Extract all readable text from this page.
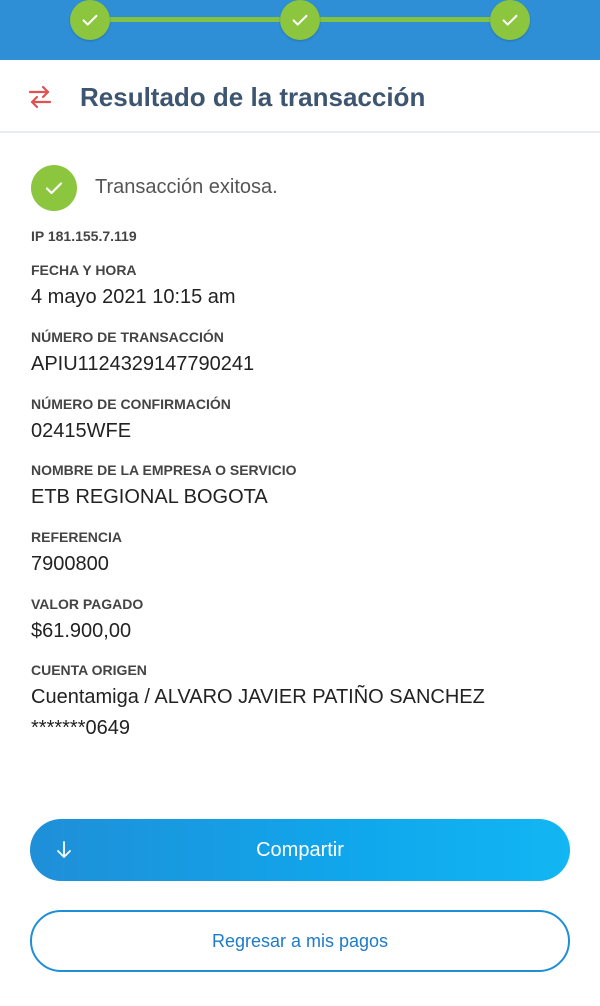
Resultado de la transacción
Transacción exitosa.
IP 181.155.7.119
FECHA Y HORA
4 mayo 2021 10:15 am
NÚMERO DE TRANSACCIÓN
APIU1124329147790241
NÚMERO DE CONFIRMACIÓN
02415WFE
NOMBRE DE LA EMPRESA O SERVICIO
ETB REGIONAL BOGOTA
REFERENCIA
7900800
VALOR PAGADO
$61.900,00
CUENTA ORIGEN
Cuentamiga / ALVARO JAVIER PATIÑO SANCHEZ
*******0649
Compartir
Regresar a mis pagos
